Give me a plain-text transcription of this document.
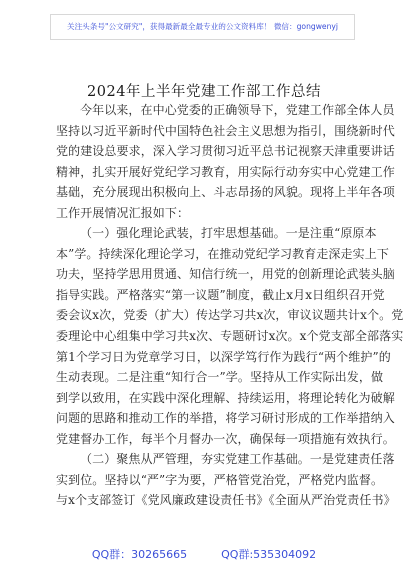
关注头条号"公文研究"，获得最新最全最专业的公文资料库！ 微信：gongwenyj
2024年上半年党建工作部工作总结
今年以来，在中心党委的正确领导下，党建工作部全体人员
坚持以习近平新时代中国特色社会主义思想为指引，围绕新时代
党的建设总要求，深入学习贯彻习近平总书记视察天津重要讲话
精神，扎实开展好党纪学习教育，用实际行动夯实中心党建工作
基础，充分展现出积极向上、斗志昂扬的风貌。现将上半年各项
工作开展情况汇报如下：
（一）强化理论武装，打牢思想基础。一是注重“原原本
本”学。持续深化理论学习，在推动党纪学习教育走深走实上下
功夫，坚持学思用贯通、知信行统一，用党的创新理论武装头脑
指导实践。严格落实“第一议题”制度，截止x月x日组织召开党
委会议x次，党委（扩大）传达学习共x次，审议议题共计x个。党
委理论中心组集中学习共x次、专题研讨x次。x个党支部全部落实
第1个学习日为党章学习日，以深学笃行作为践行“两个维护”的
生动表现。二是注重“知行合一”学。坚持从工作实际出发，做
到学以致用，在实践中深化理解、持续运用，将理论转化为破解
问题的思路和推动工作的举措，将学习研讨形成的工作举措纳入
党建督办工作，每半个月督办一次，确保每一项措施有效执行。
（二）聚焦从严管理，夯实党建工作基础。一是党建责任落
实到位。坚持以“严”字为要，严格管党治党，严格党内监督。
与x个支部签订《党风廉政建设责任书》《全面从严治党责任书》
QQ群：30265665	QQ群:535304092
